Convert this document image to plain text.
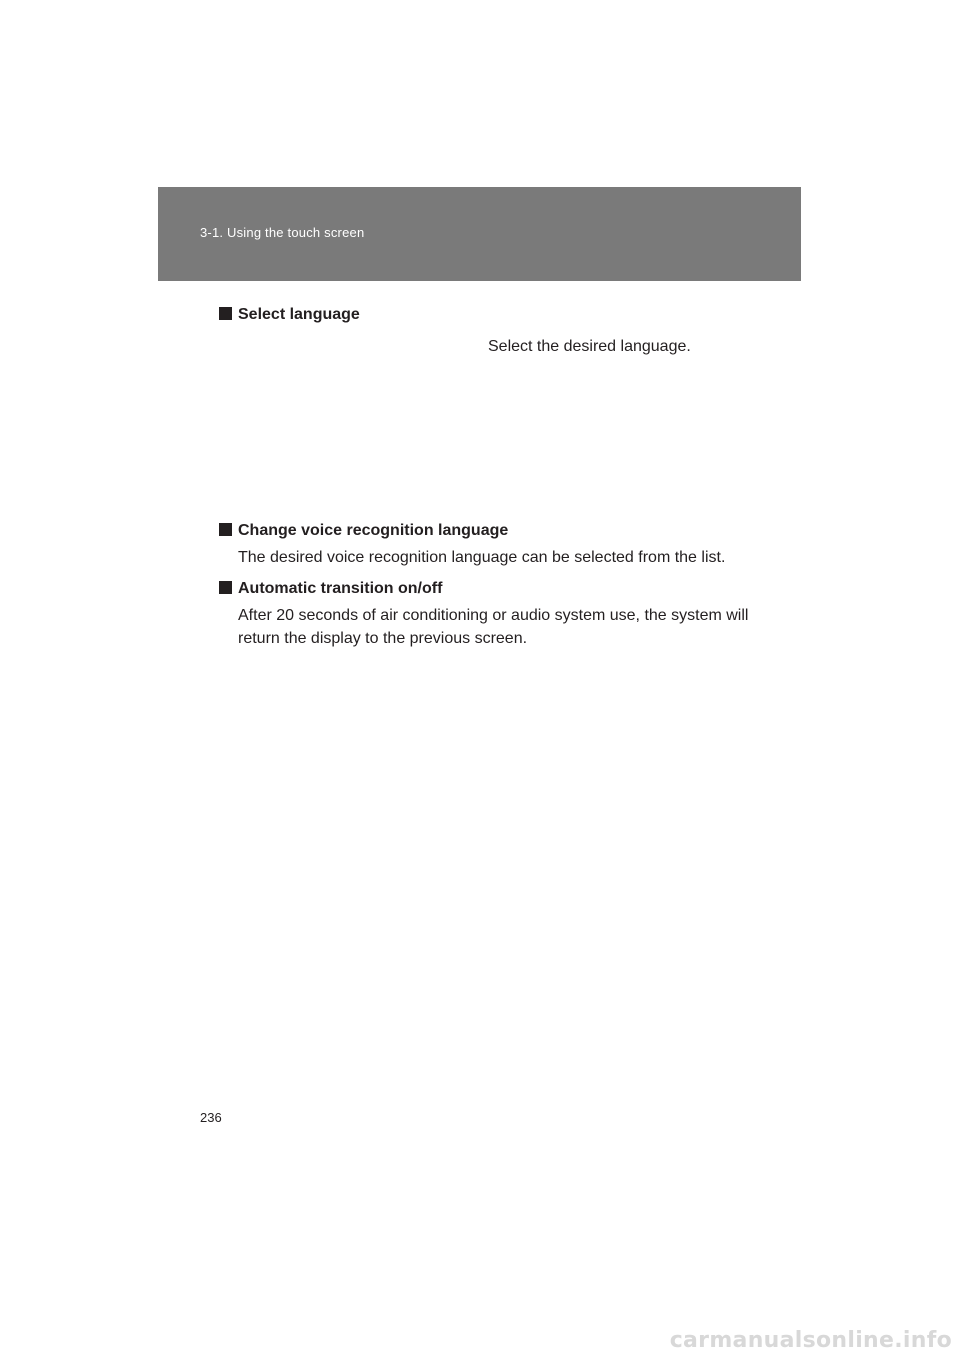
3-1. Using the touch screen
Select language
Select the desired language.
Change voice recognition language
The desired voice recognition language can be selected from the list.
Automatic transition on/off
After 20 seconds of air conditioning or audio system use, the system will return the display to the previous screen.
236
carmanualsonline.info
